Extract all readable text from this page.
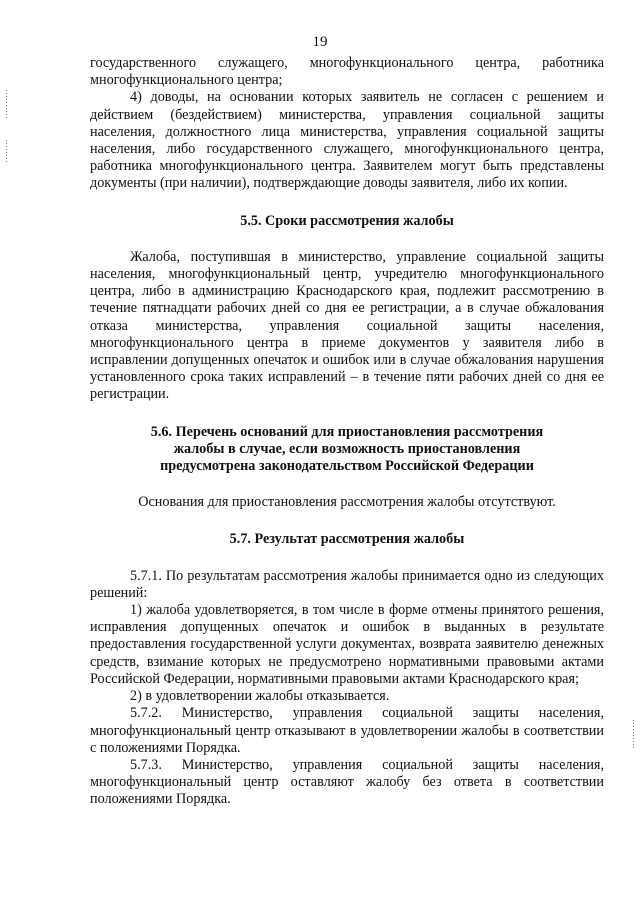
19

государственного служащего, многофункционального центра, работника многофункционального центра;

4) доводы, на основании которых заявитель не согласен с решением и действием (бездействием) министерства, управления социальной защиты населения, должностного лица министерства, управления социальной защиты населения, либо государственного служащего, многофункционального центра, работника многофункционального центра. Заявителем могут быть представлены документы (при наличии), подтверждающие доводы заявителя, либо их копии.

5.5. Сроки рассмотрения жалобы

Жалоба, поступившая в министерство, управление социальной защиты населения, многофункциональный центр, учредителю многофункционального центра, либо в администрацию Краснодарского края, подлежит рассмотрению в течение пятнадцати рабочих дней со дня ее регистрации, а в случае обжалования отказа министерства, управления социальной защиты населения, многофункционального центра в приеме документов у заявителя либо в исправлении допущенных опечаток и ошибок или в случае обжалования нарушения установленного срока таких исправлений – в течение пяти рабочих дней со дня ее регистрации.

5.6. Перечень оснований для приостановления рассмотрения

жалобы в случае, если возможность приостановления

предусмотрена законодательством Российской Федерации

Основания для приостановления рассмотрения жалобы отсутствуют.

5.7. Результат рассмотрения жалобы

5.7.1. По результатам рассмотрения жалобы принимается одно из следующих решений:

1) жалоба удовлетворяется, в том числе в форме отмены принятого решения, исправления допущенных опечаток и ошибок в выданных в результате предоставления государственной услуги документах, возврата заявителю денежных средств, взимание которых не предусмотрено нормативными правовыми актами Российской Федерации, нормативными правовыми актами Краснодарского края;

2) в удовлетворении жалобы отказывается.

5.7.2. Министерство, управления социальной защиты населения, многофункциональный центр отказывают в удовлетворении жалобы в соответствии с положениями Порядка.

5.7.3. Министерство, управления социальной защиты населения, многофункциональный центр оставляют жалобу без ответа в соответствии положениями Порядка.
